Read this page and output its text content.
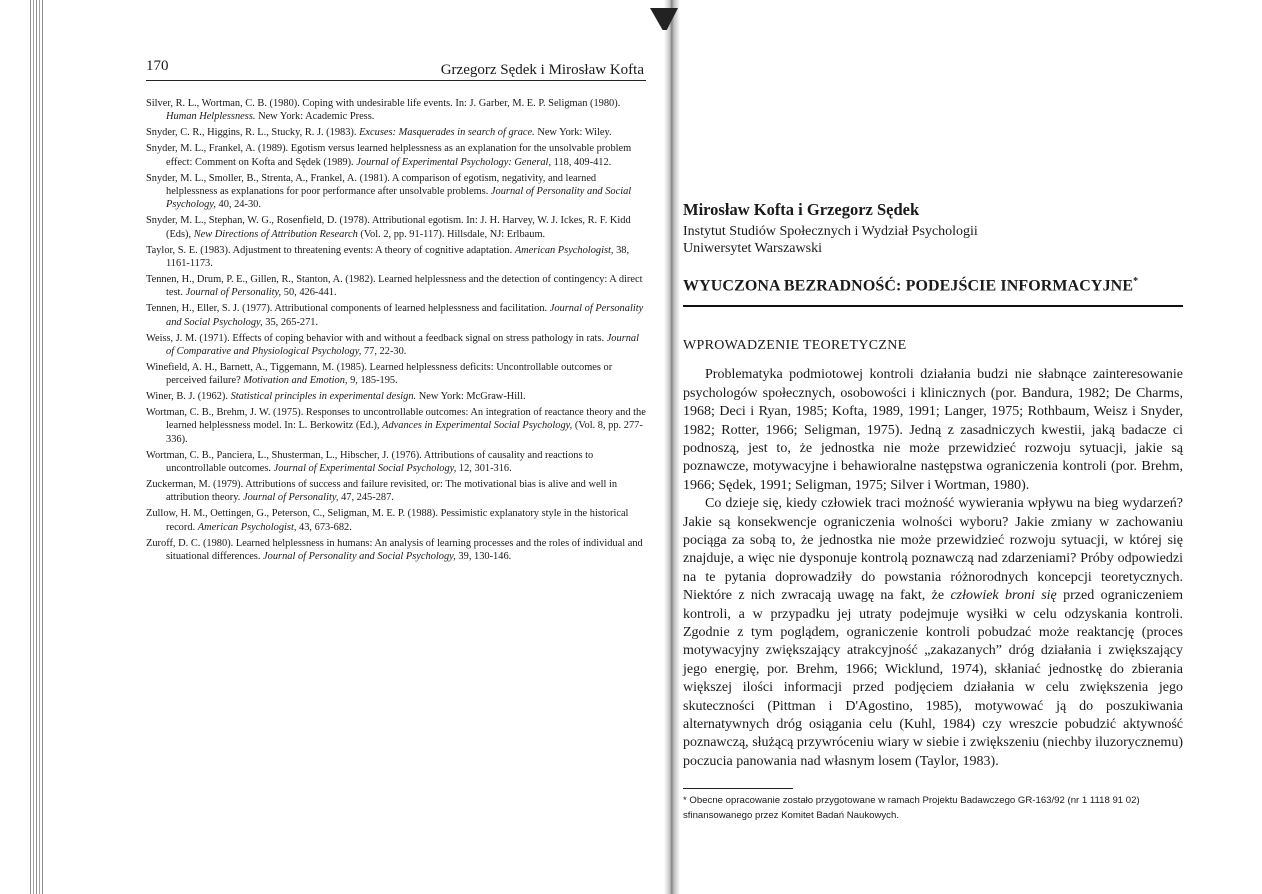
170	Grzegorz Sędek i Mirosław Kofta

Silver, R. L., Wortman, C. B. (1980). Coping with undesirable life events. In: J. Garber, M. E. P. Seligman (1980). Human Helplessness. New York: Academic Press.

Snyder, C. R., Higgins, R. L., Stucky, R. J. (1983). Excuses: Masquerades in search of grace. New York: Wiley.

Snyder, M. L., Frankel, A. (1989). Egotism versus learned helplessness as an explanation for the unsolvable problem effect: Comment on Kofta and Sędek (1989). Journal of Experimental Psychology: General, 118, 409-412.

Snyder, M. L., Smoller, B., Strenta, A., Frankel, A. (1981). A comparison of egotism, negativity, and learned helplessness as explanations for poor performance after unsolvable problems. Journal of Personality and Social Psychology, 40, 24-30.

Snyder, M. L., Stephan, W. G., Rosenfield, D. (1978). Attributional egotism. In: J. H. Harvey, W. J. Ickes, R. F. Kidd (Eds), New Directions of Attribution Research (Vol. 2, pp. 91-117). Hillsdale, NJ: Erlbaum.

Taylor, S. E. (1983). Adjustment to threatening events: A theory of cognitive adaptation. American Psychologist, 38, 1161-1173.

Tennen, H., Drum, P. E., Gillen, R., Stanton, A. (1982). Learned helplessness and the detection of contingency: A direct test. Journal of Personality, 50, 426-441.

Tennen, H., Eller, S. J. (1977). Attributional components of learned helplessness and facilitation. Journal of Personality and Social Psychology, 35, 265-271.

Weiss, J. M. (1971). Effects of coping behavior with and without a feedback signal on stress pathology in rats. Journal of Comparative and Physiological Psychology, 77, 22-30.

Winefield, A. H., Barnett, A., Tiggemann, M. (1985). Learned helplessness deficits: Uncontrollable outcomes or perceived failure? Motivation and Emotion, 9, 185-195.

Winer, B. J. (1962). Statistical principles in experimental design. New York: McGraw-Hill.

Wortman, C. B., Brehm, J. W. (1975). Responses to uncontrollable outcomes: An integration of reactance theory and the learned helplessness model. In: L. Berkowitz (Ed.), Advances in Experimental Social Psychology, (Vol. 8, pp. 277-336).

Wortman, C. B., Panciera, L., Shusterman, L., Hibscher, J. (1976). Attributions of causality and reactions to uncontrollable outcomes. Journal of Experimental Social Psychology, 12, 301-316.

Zuckerman, M. (1979). Attributions of success and failure revisited, or: The motivational bias is alive and well in attribution theory. Journal of Personality, 47, 245-287.

Zullow, H. M., Oettingen, G., Peterson, C., Seligman, M. E. P. (1988). Pessimistic explanatory style in the historical record. American Psychologist, 43, 673-682.

Zuroff, D. C. (1980). Learned helplessness in humans: An analysis of learning processes and the roles of individual and situational differences. Journal of Personality and Social Psychology, 39, 130-146.

Mirosław Kofta i Grzegorz Sędek

Instytut Studiów Społecznych i Wydział Psychologii

Uniwersytet Warszawski

WYUCZONA BEZRADNOŚĆ: PODEJŚCIE INFORMACYJNE*
WPROWADZENIE TEORETYCZNE

Problematyka podmiotowej kontroli działania budzi nie słabnące zainteresowanie psychologów społecznych, osobowości i klinicznych (por. Bandura, 1982; De Charms, 1968; Deci i Ryan, 1985; Kofta, 1989, 1991; Langer, 1975; Rothbaum, Weisz i Snyder, 1982; Rotter, 1966; Seligman, 1975). Jedną z zasadniczych kwestii, jaką badacze ci podnoszą, jest to, że jednostka nie może przewidzieć rozwoju sytuacji, jakie są poznawcze, motywacyjne i behawioralne następstwa ograniczenia kontroli (por. Brehm, 1966; Sędek, 1991; Seligman, 1975; Silver i Wortman, 1980).

Co dzieje się, kiedy człowiek traci możność wywierania wpływu na bieg wydarzeń? Jakie są konsekwencje ograniczenia wolności wyboru? Jakie zmiany w zachowaniu pociąga za sobą to, że jednostka nie może przewidzieć rozwoju sytuacji, w której się znajduje, a więc nie dysponuje kontrolą poznawczą nad zdarzeniami? Próby odpowiedzi na te pytania doprowadziły do powstania różnorodnych koncepcji teoretycznych. Niektóre z nich zwracają uwagę na fakt, że człowiek broni się przed ograniczeniem kontroli, a w przypadku jej utraty podejmuje wysiłki w celu odzyskania kontroli. Zgodnie z tym poglądem, ograniczenie kontroli pobudzać może reaktancję (proces motywacyjny zwiększający atrakcyjność „zakazanych” dróg działania i zwiększający jego energię, por. Brehm, 1966; Wicklund, 1974), skłaniać jednostkę do zbierania większej ilości informacji przed podjęciem działania w celu zwiększenia jego skuteczności (Pittman i D'Agostino, 1985), motywować ją do poszukiwania alternatywnych dróg osiągania celu (Kuhl, 1984) czy wreszcie pobudzić aktywność poznawczą, służącą przywróceniu wiary w siebie i zwiększeniu (niechby iluzorycznemu) poczucia panowania nad własnym losem (Taylor, 1983).

* Obecne opracowanie zostało przygotowane w ramach Projektu Badawczego GR-163/92 (nr 1 1118 91 02) sfinansowanego przez Komitet Badań Naukowych.
